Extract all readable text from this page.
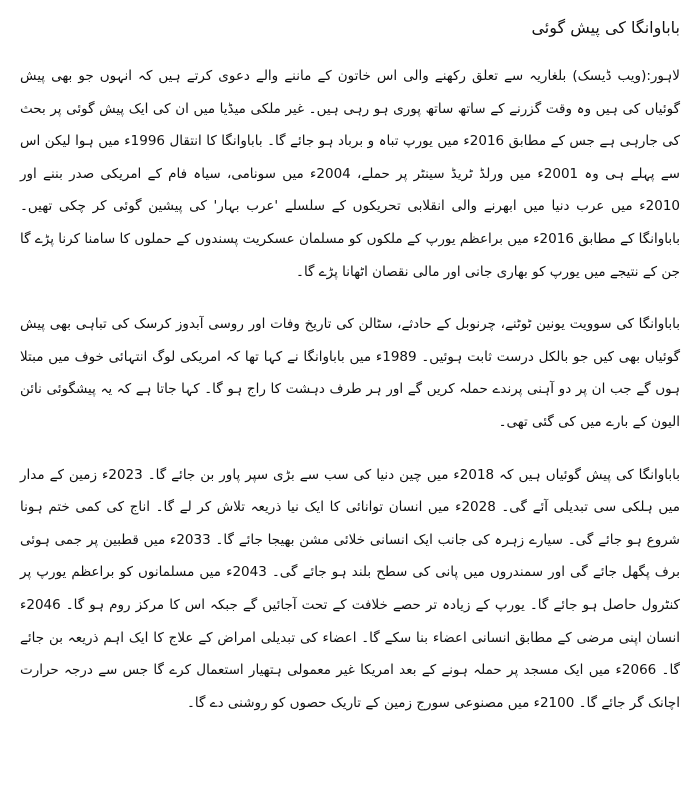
باباوانگا کی پیش گوئی

لاہور:(ویب ڈیسک) بلغاریہ سے تعلق رکھنے والی اس خاتون کے ماننے والے دعوی کرتے ہیں کہ انہوں جو بھی پیش گوئیاں کی ہیں وہ وقت گزرنے کے ساتھ ساتھ پوری ہو رہی ہیں۔ غیر ملکی میڈیا میں ان کی ایک پیش گوئی پر بحث کی جارہی ہے جس کے مطابق 2016ء میں یورپ تباہ و برباد ہو جائے گا۔ باباوانگا کا انتقال 1996ء میں ہوا لیکن اس سے پہلے ہی وہ 2001ء میں ورلڈ ٹریڈ سینٹر پر حملے، 2004ء میں سونامی، سیاہ فام کے امریکی صدر بننے اور 2010ء میں عرب دنیا میں ابھرنے والی انقلابی تحریکوں کے سلسلے 'عرب بہار' کی پیشین گوئی کر چکی تھیں۔ باباوانگا کے مطابق 2016ء میں براعظم یورپ کے ملکوں کو مسلمان عسکریت پسندوں کے حملوں کا سامنا کرنا پڑے گا جن کے نتیجے میں یورپ کو بھاری جانی اور مالی نقصان اٹھانا پڑے گا۔

باباوانگا کی سوویت یونین ٹوٹنے، چرنوبل کے حادثے، سٹالن کی تاریخ وفات اور روسی آبدوز کرسک کی تباہی بھی پیش گوئیاں بھی کیں جو بالکل درست ثابت ہوئیں۔ 1989ء میں باباوانگا نے کہا تھا کہ امریکی لوگ انتہائی خوف میں مبتلا ہوں گے جب ان پر دو آہنی پرندے حملہ کریں گے اور ہر طرف دہشت کا راج ہو گا۔ کہا جاتا ہے کہ یہ پیشگوئی نائن الیون کے بارے میں کی گئی تھی۔

باباوانگا کی پیش گوئیاں ہیں کہ 2018ء میں چین دنیا کی سب سے بڑی سپر پاور بن جائے گا۔ 2023ء زمین کے مدار میں ہلکی سی تبدیلی آئے گی۔ 2028ء میں انسان توانائی کا ایک نیا ذریعہ تلاش کر لے گا۔ اناج کی کمی ختم ہونا شروع ہو جائے گی۔ سیارے زہرہ کی جانب ایک انسانی خلائی مشن بھیجا جائے گا۔ 2033ء میں قطبین پر جمی ہوئی برف پگھل جائے گی اور سمندروں میں پانی کی سطح بلند ہو جائے گی۔ 2043ء میں مسلمانوں کو براعظم یورپ پر کنٹرول حاصل ہو جائے گا۔ یورپ کے زیادہ تر حصے خلافت کے تحت آجائیں گے جبکہ اس کا مرکز روم ہو گا۔ 2046ء انسان اپنی مرضی کے مطابق انسانی اعضاء بنا سکے گا۔ اعضاء کی تبدیلی امراض کے علاج کا ایک اہم ذریعہ بن جائے گا۔ 2066ء میں ایک مسجد پر حملہ ہونے کے بعد امریکا غیر معمولی ہتھیار استعمال کرے گا جس سے درجہ حرارت اچانک گر جائے گا۔ 2100ء میں مصنوعی سورج زمین کے تاریک حصوں کو روشنی دے گا۔
